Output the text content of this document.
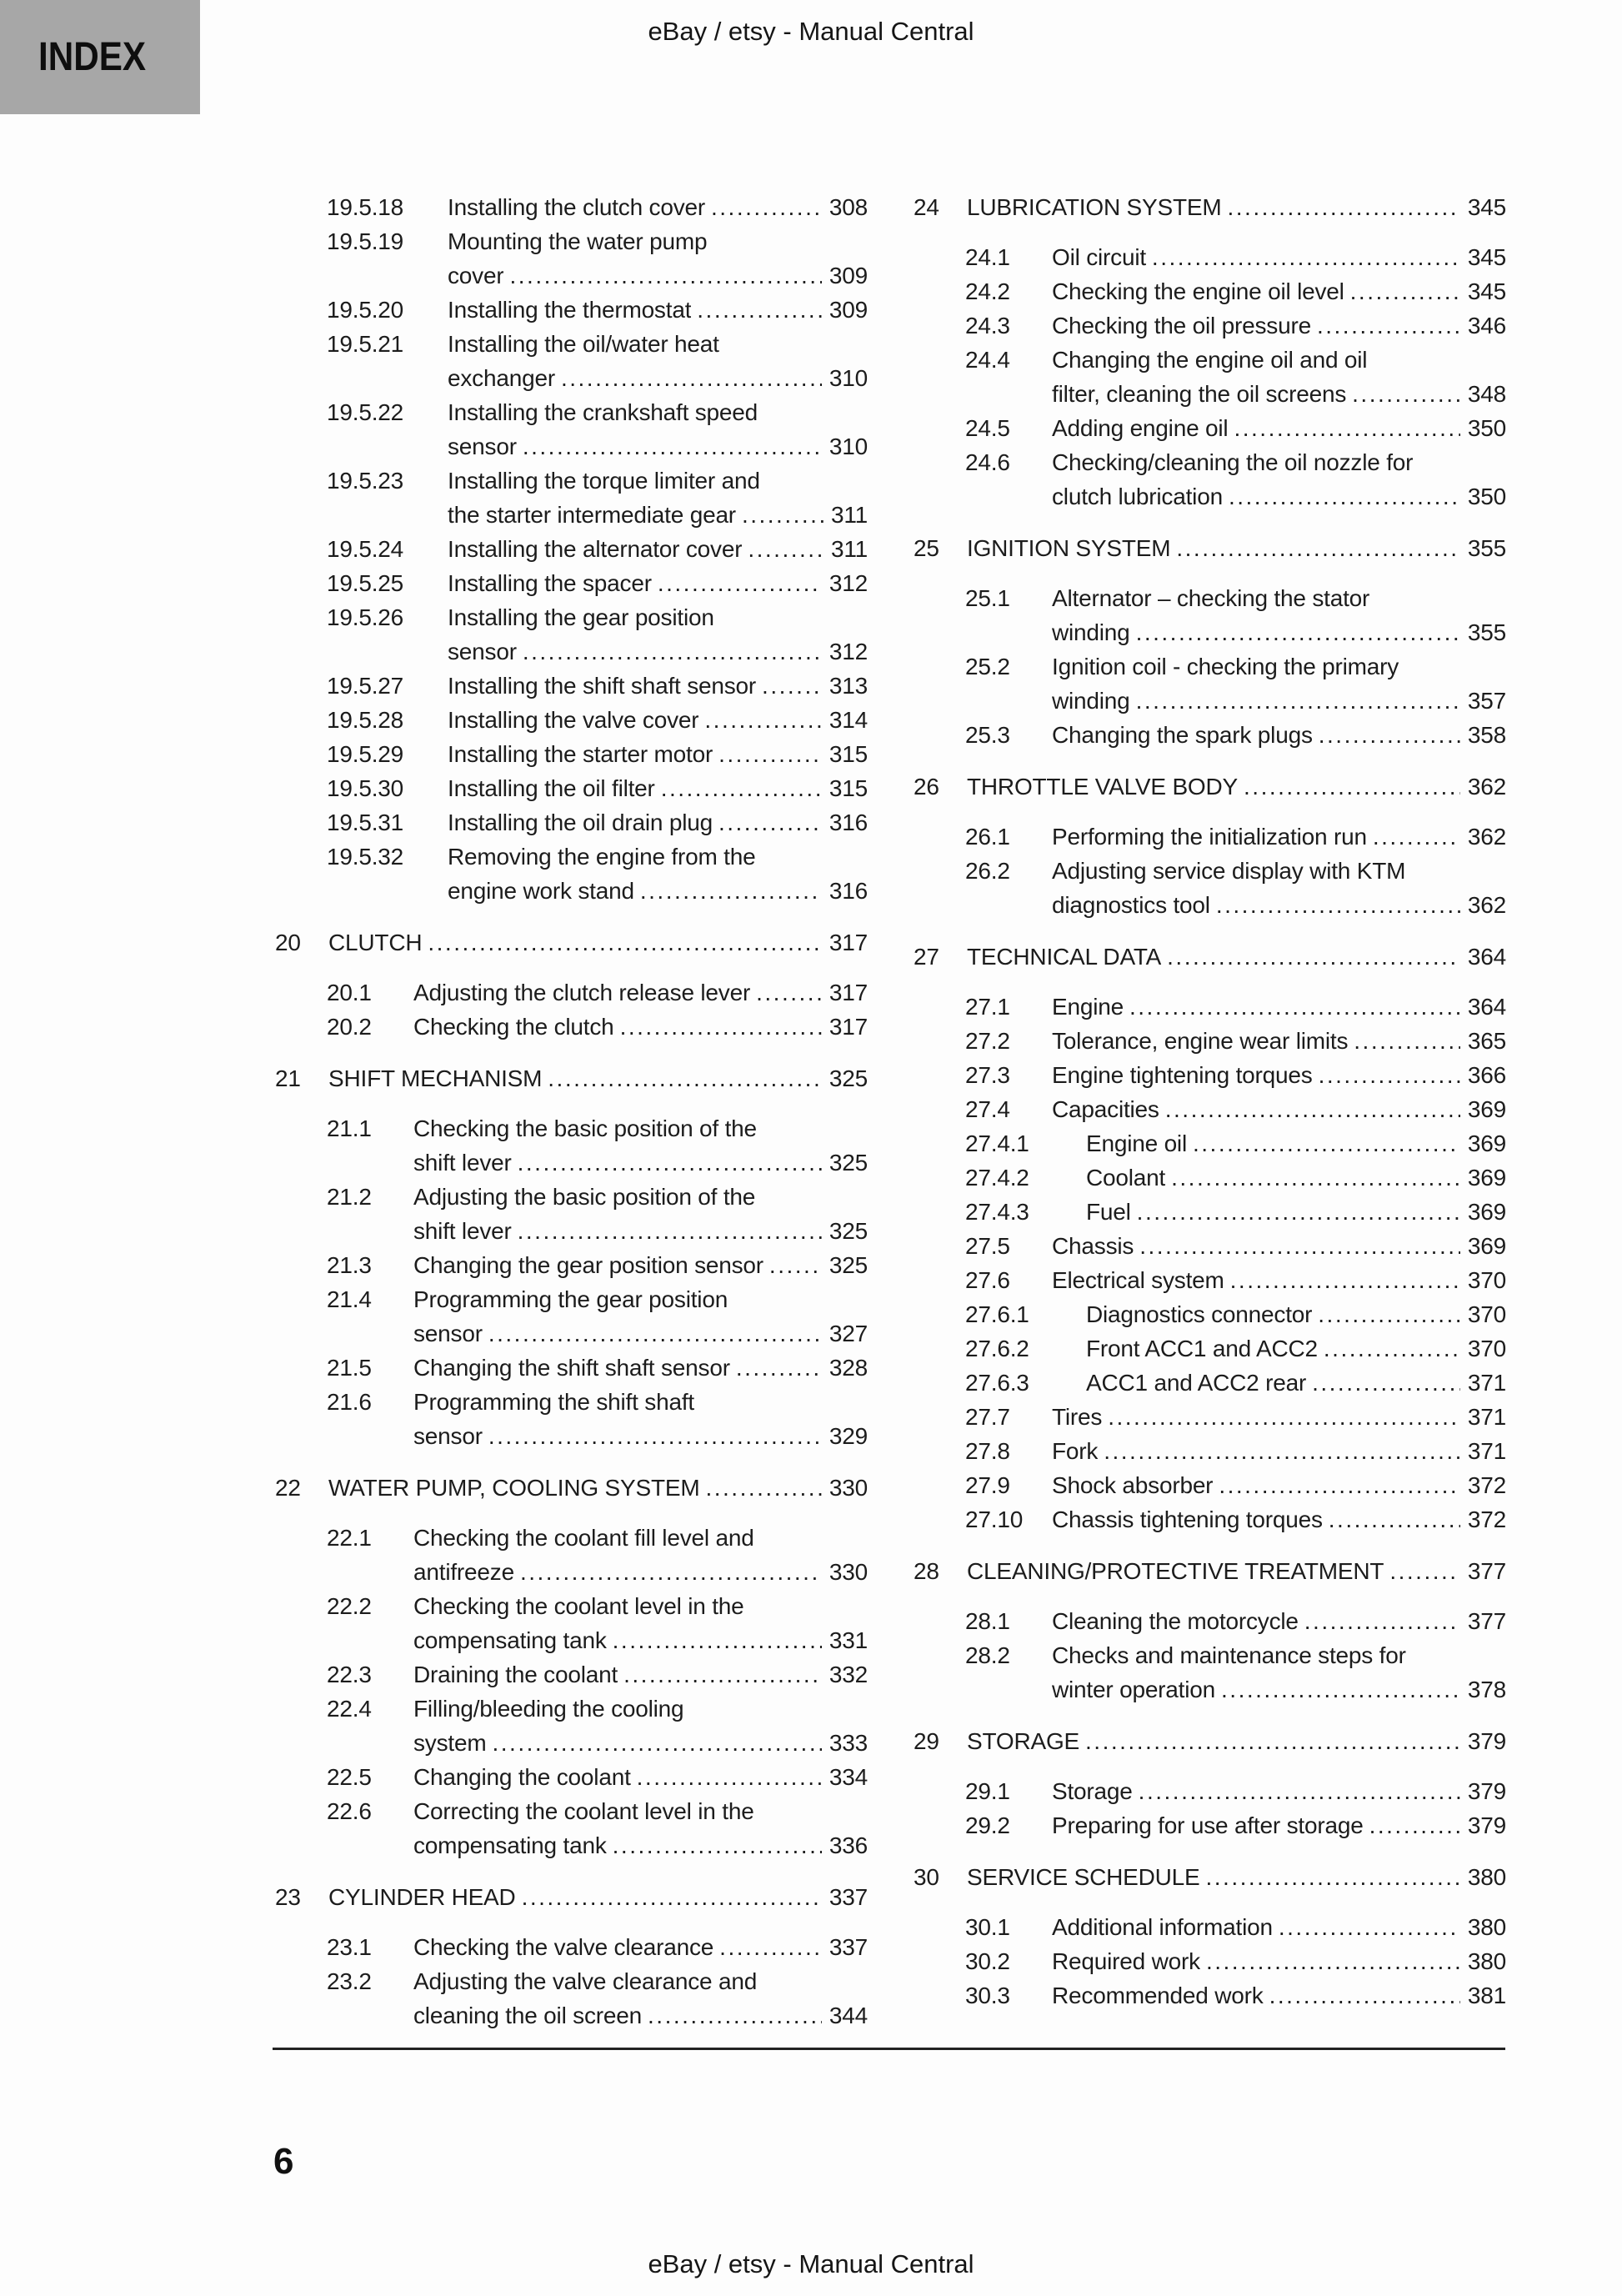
INDEX
eBay / etsy - Manual Central
19.5.18	Installing the clutch cover .....	308
19.5.19	Mounting the water pump
cover .....	309
19.5.20	Installing the thermostat .....	309
19.5.21	Installing the oil/water heat
exchanger .....	310
19.5.22	Installing the crankshaft speed
sensor .....	310
19.5.23	Installing the torque limiter and
the starter intermediate gear .....	311
19.5.24	Installing the alternator cover .....	311
19.5.25	Installing the spacer .....	312
19.5.26	Installing the gear position
sensor .....	312
19.5.27	Installing the shift shaft sensor .....	313
19.5.28	Installing the valve cover .....	314
19.5.29	Installing the starter motor .....	315
19.5.30	Installing the oil filter .....	315
19.5.31	Installing the oil drain plug .....	316
19.5.32	Removing the engine from the
engine work stand .....	316
20	CLUTCH .....	317
20.1	Adjusting the clutch release lever .....	317
20.2	Checking the clutch .....	317
21	SHIFT MECHANISM .....	325
21.1	Checking the basic position of the
shift lever .....	325
21.2	Adjusting the basic position of the
shift lever .....	325
21.3	Changing the gear position sensor .....	325
21.4	Programming the gear position
sensor .....	327
21.5	Changing the shift shaft sensor .....	328
21.6	Programming the shift shaft
sensor .....	329
22	WATER PUMP, COOLING SYSTEM .....	330
22.1	Checking the coolant fill level and
antifreeze .....	330
22.2	Checking the coolant level in the
compensating tank .....	331
22.3	Draining the coolant .....	332
22.4	Filling/bleeding the cooling
system .....	333
22.5	Changing the coolant .....	334
22.6	Correcting the coolant level in the
compensating tank .....	336
23	CYLINDER HEAD .....	337
23.1	Checking the valve clearance .....	337
23.2	Adjusting the valve clearance and
cleaning the oil screen .....	344
24	LUBRICATION SYSTEM .....	345
24.1	Oil circuit .....	345
24.2	Checking the engine oil level .....	345
24.3	Checking the oil pressure .....	346
24.4	Changing the engine oil and oil
filter, cleaning the oil screens .....	348
24.5	Adding engine oil .....	350
24.6	Checking/cleaning the oil nozzle for
clutch lubrication .....	350
25	IGNITION SYSTEM .....	355
25.1	Alternator – checking the stator
winding .....	355
25.2	Ignition coil - checking the primary
winding .....	357
25.3	Changing the spark plugs .....	358
26	THROTTLE VALVE BODY .....	362
26.1	Performing the initialization run .....	362
26.2	Adjusting service display with KTM
diagnostics tool .....	362
27	TECHNICAL DATA .....	364
27.1	Engine .....	364
27.2	Tolerance, engine wear limits .....	365
27.3	Engine tightening torques .....	366
27.4	Capacities .....	369
27.4.1	Engine oil .....	369
27.4.2	Coolant .....	369
27.4.3	Fuel .....	369
27.5	Chassis .....	369
27.6	Electrical system .....	370
27.6.1	Diagnostics connector .....	370
27.6.2	Front ACC1 and ACC2 .....	370
27.6.3	ACC1 and ACC2 rear .....	371
27.7	Tires .....	371
27.8	Fork .....	371
27.9	Shock absorber .....	372
27.10	Chassis tightening torques .....	372
28	CLEANING/PROTECTIVE TREATMENT .....	377
28.1	Cleaning the motorcycle .....	377
28.2	Checks and maintenance steps for
winter operation .....	378
29	STORAGE .....	379
29.1	Storage .....	379
29.2	Preparing for use after storage .....	379
30	SERVICE SCHEDULE .....	380
30.1	Additional information .....	380
30.2	Required work .....	380
30.3	Recommended work .....	381
6
eBay / etsy - Manual Central
